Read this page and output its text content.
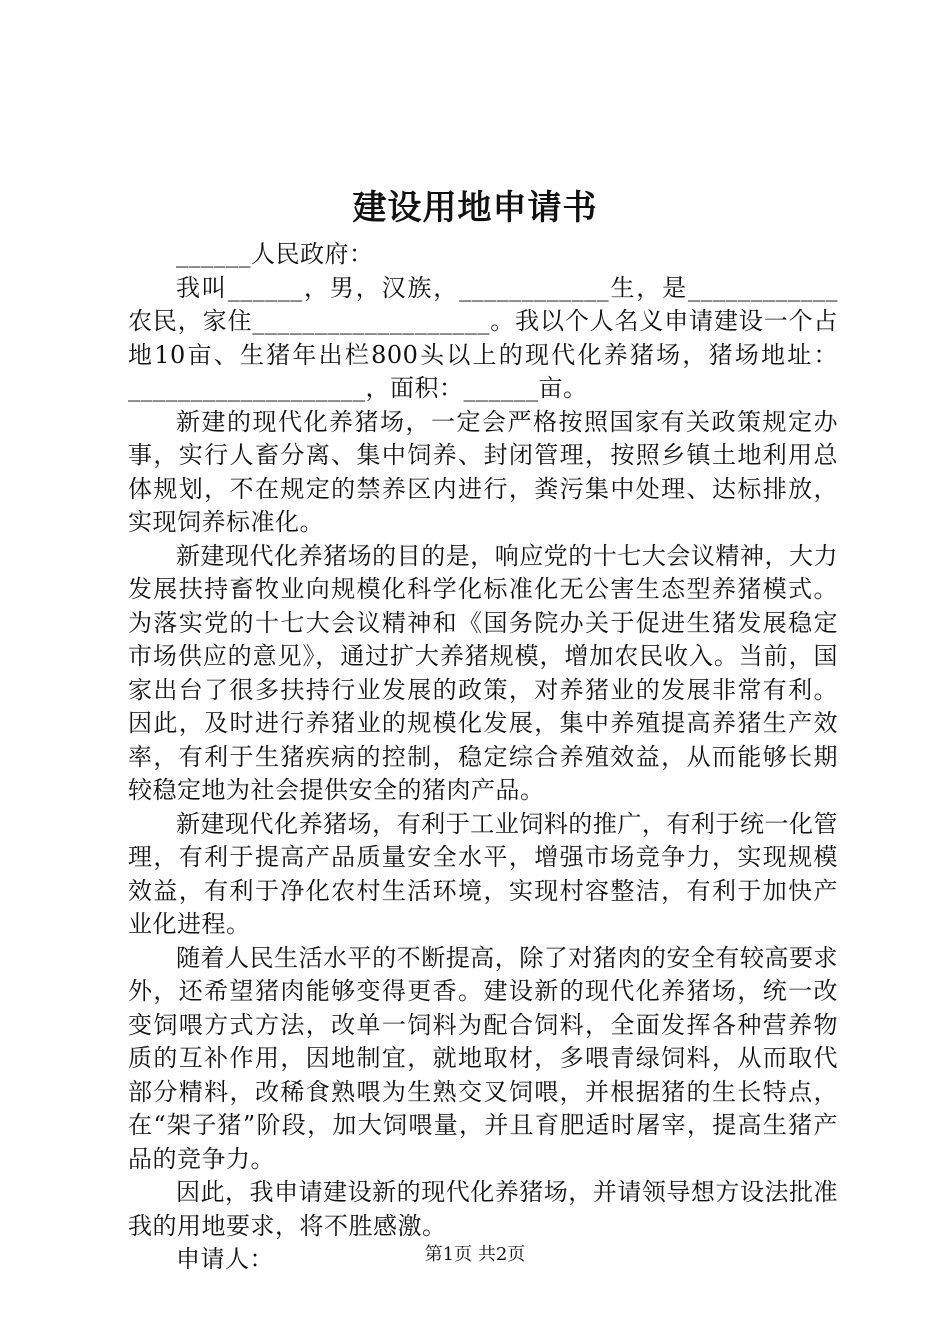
建设用地申请书

______人民政府：

我叫______，男，汉族，____________生，是____________农民，家住___________________。我以个人名义申请建设一个占地10亩、生猪年出栏800头以上的现代化养猪场，猪场地址：___________________，面积：______亩。

新建的现代化养猪场，一定会严格按照国家有关政策规定办事，实行人畜分离、集中饲养、封闭管理，按照乡镇土地利用总体规划，不在规定的禁养区内进行，粪污集中处理、达标排放，实现饲养标准化。

新建现代化养猪场的目的是，响应党的十七大会议精神，大力发展扶持畜牧业向规模化科学化标准化无公害生态型养猪模式。为落实党的十七大会议精神和《国务院办关于促进生猪发展稳定市场供应的意见》，通过扩大养猪规模，增加农民收入。当前，国家出台了很多扶持行业发展的政策，对养猪业的发展非常有利。因此，及时进行养猪业的规模化发展，集中养殖提高养猪生产效率，有利于生猪疾病的控制，稳定综合养殖效益，从而能够长期较稳定地为社会提供安全的猪肉产品。

新建现代化养猪场，有利于工业饲料的推广，有利于统一化管理，有利于提高产品质量安全水平，增强市场竞争力，实现规模效益，有利于净化农村生活环境，实现村容整洁，有利于加快产业化进程。

随着人民生活水平的不断提高，除了对猪肉的安全有较高要求外，还希望猪肉能够变得更香。建设新的现代化养猪场，统一改变饲喂方式方法，改单一饲料为配合饲料，全面发挥各种营养物质的互补作用，因地制宜，就地取材，多喂青绿饲料，从而取代部分精料，改稀食熟喂为生熟交叉饲喂，并根据猪的生长特点，在“架子猪”阶段，加大饲喂量，并且育肥适时屠宰，提高生猪产品的竞争力。

因此，我申请建设新的现代化养猪场，并请领导想方设法批准我的用地要求，将不胜感激。

申请人：	第1页 共2页
